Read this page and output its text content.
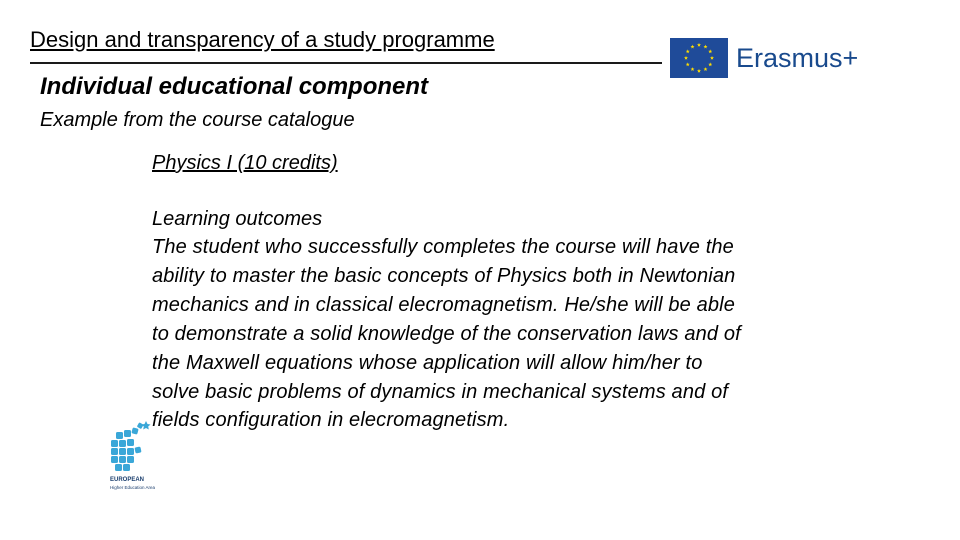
Design and transparency of a study programme
Erasmus+
Individual educational component
Example from the course catalogue
Physics I (10 credits)
Learning outcomes
The student who successfully completes the course will have the
ability to master the basic concepts of Physics both in Newtonian
mechanics and in classical elecromagnetism. He/she will be able
to demonstrate a solid knowledge of the conservation laws and of
the Maxwell equations whose application will allow him/her to
solve basic problems of dynamics in mechanical systems and of
fields configuration in elecromagnetism.
EUROPEAN
Higher Education Area
